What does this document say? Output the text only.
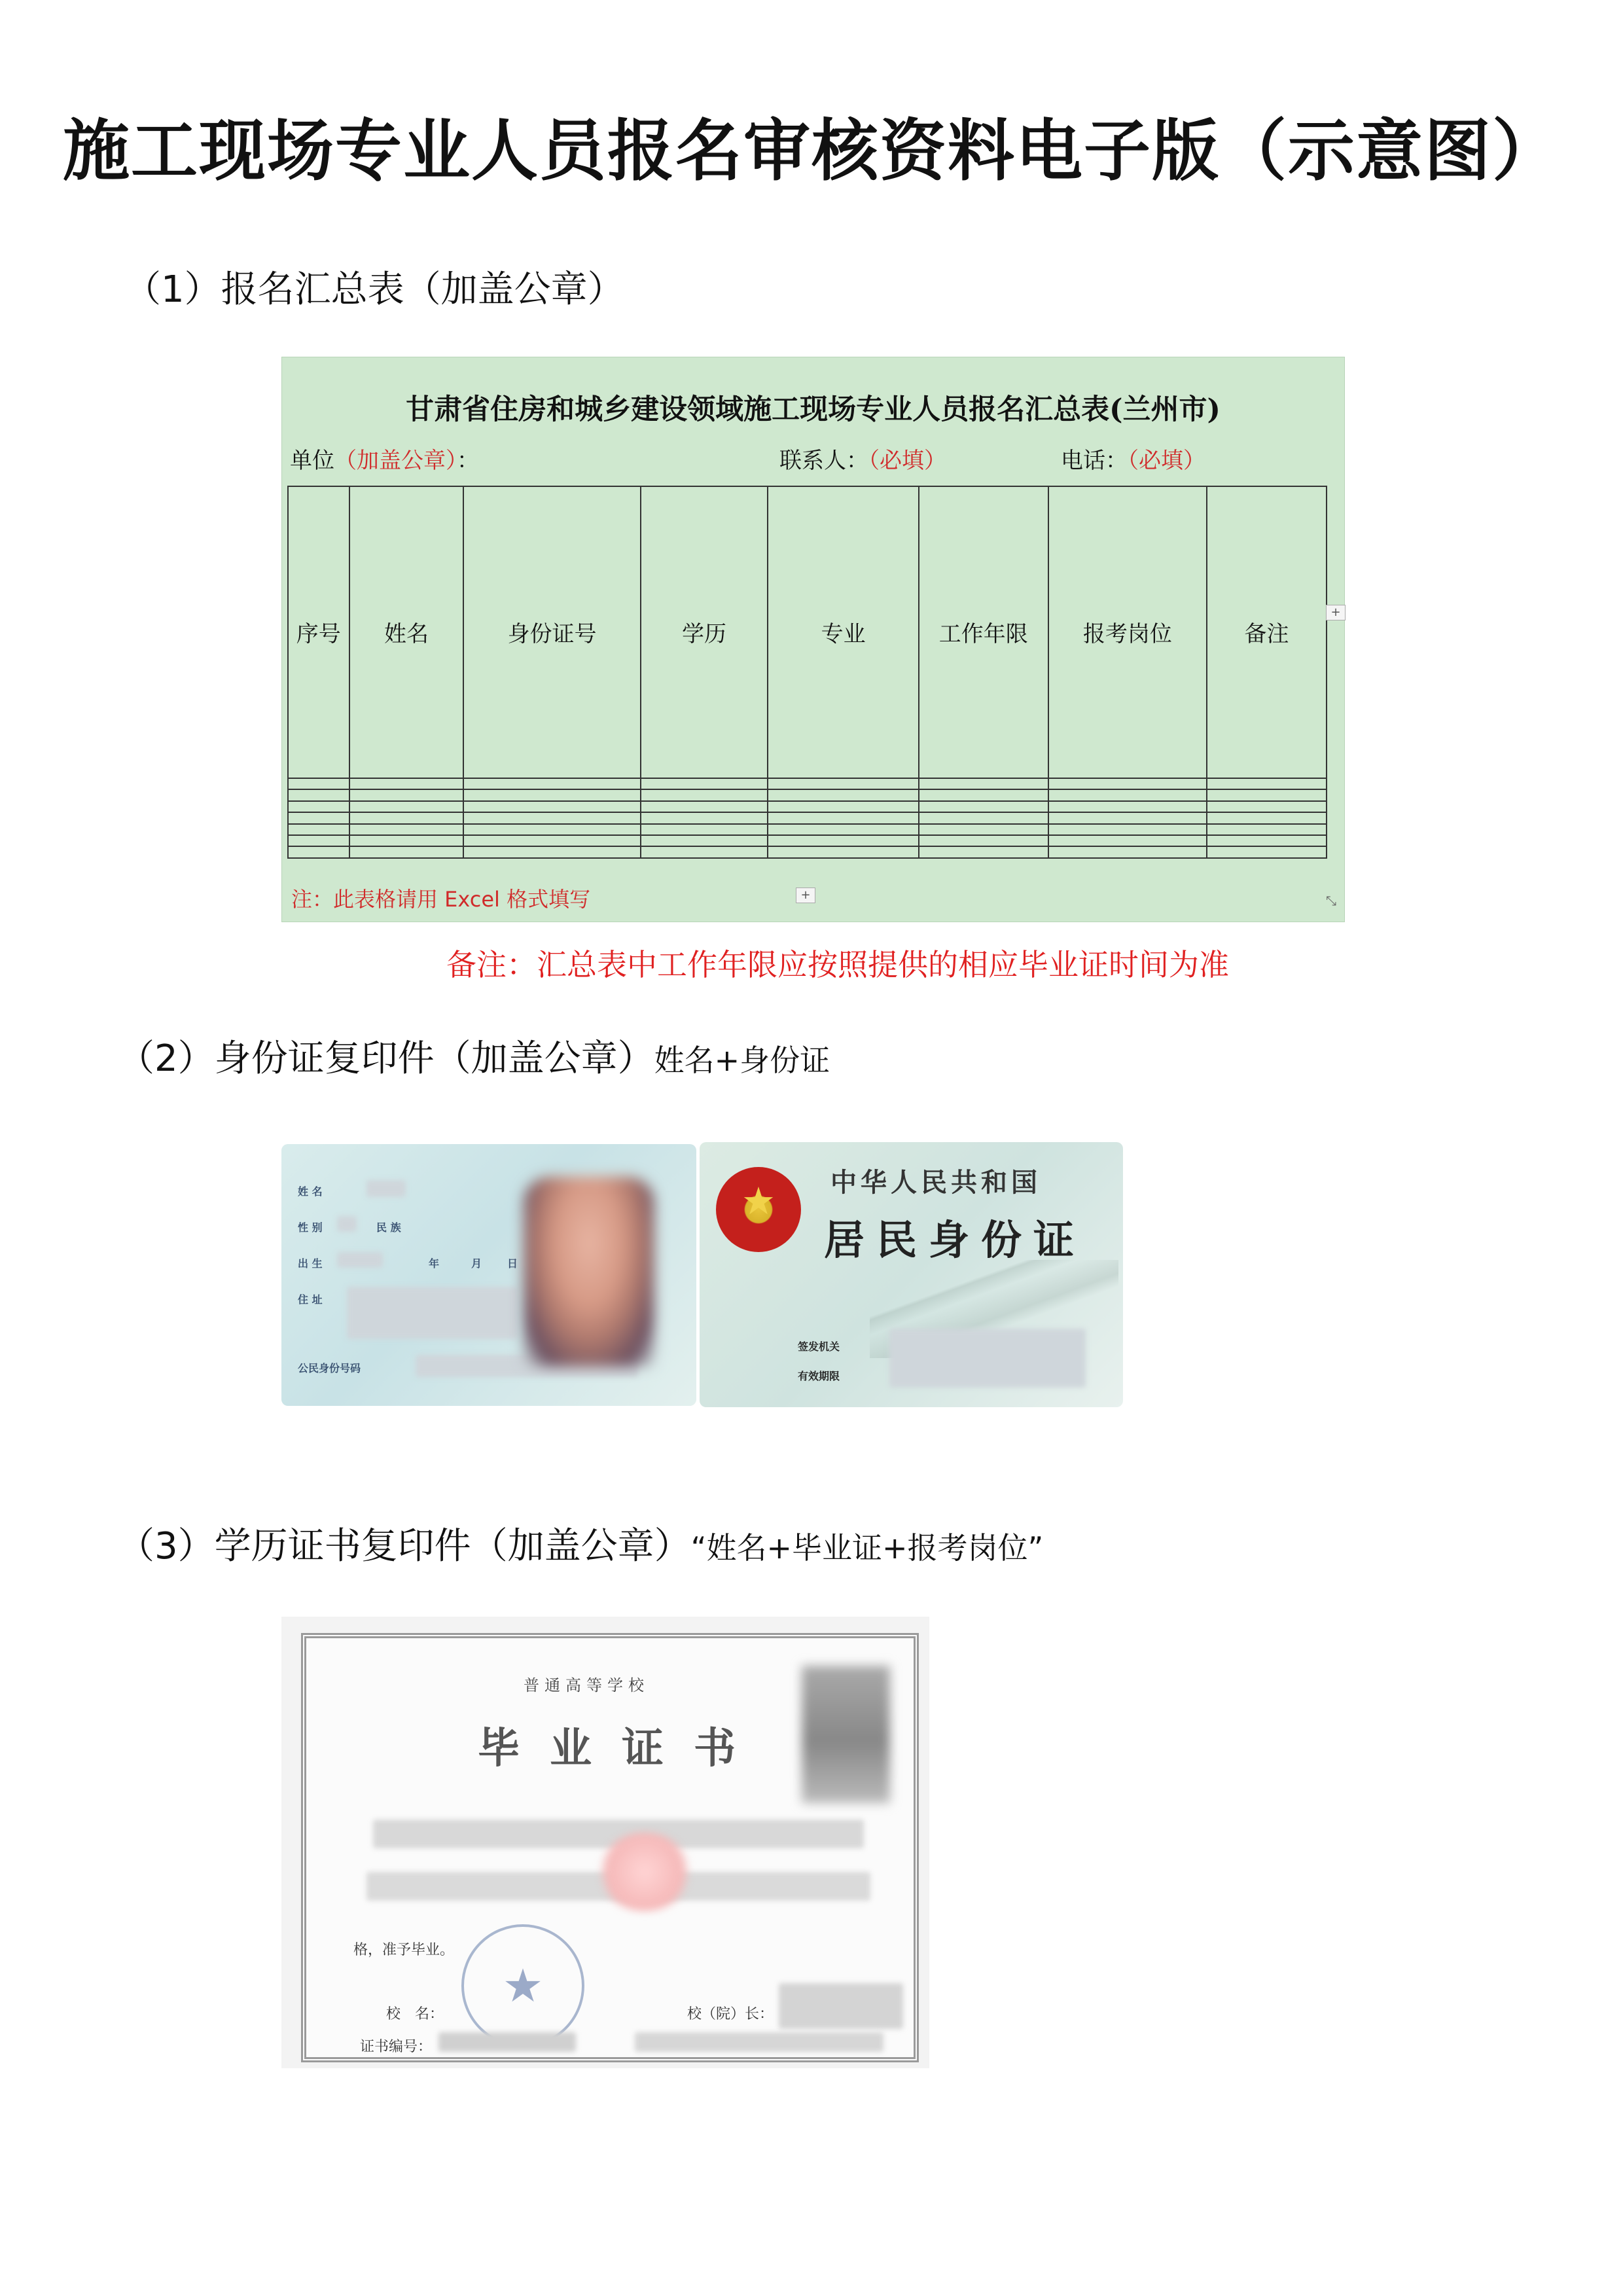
施工现场专业人员报名审核资料电子版（示意图）
（1）报名汇总表（加盖公章）
甘肃省住房和城乡建设领域施工现场专业人员报名汇总表(兰州市)
单位（加盖公章）：	联系人：（必填）	电话：（必填）
序号	姓名	身份证号	学历	专业	工作年限	报考岗位	备注

+
+	⤡
注：此表格请用 Excel 格式填写
备注：汇总表中工作年限应按照提供的相应毕业证时间为准
（2）身份证复印件（加盖公章）姓名+身份证
姓 名
性 别	民 族
出 生	年	月 日
住 址
公民身份号码
★	中华人民共和国
居民身份证
签发机关
有效期限
（3）学历证书复印件（加盖公章）“姓名+毕业证+报考岗位”
普通高等学校
毕业证书
格，准予毕业。
★
校　名：	校（院）长：
证书编号：
